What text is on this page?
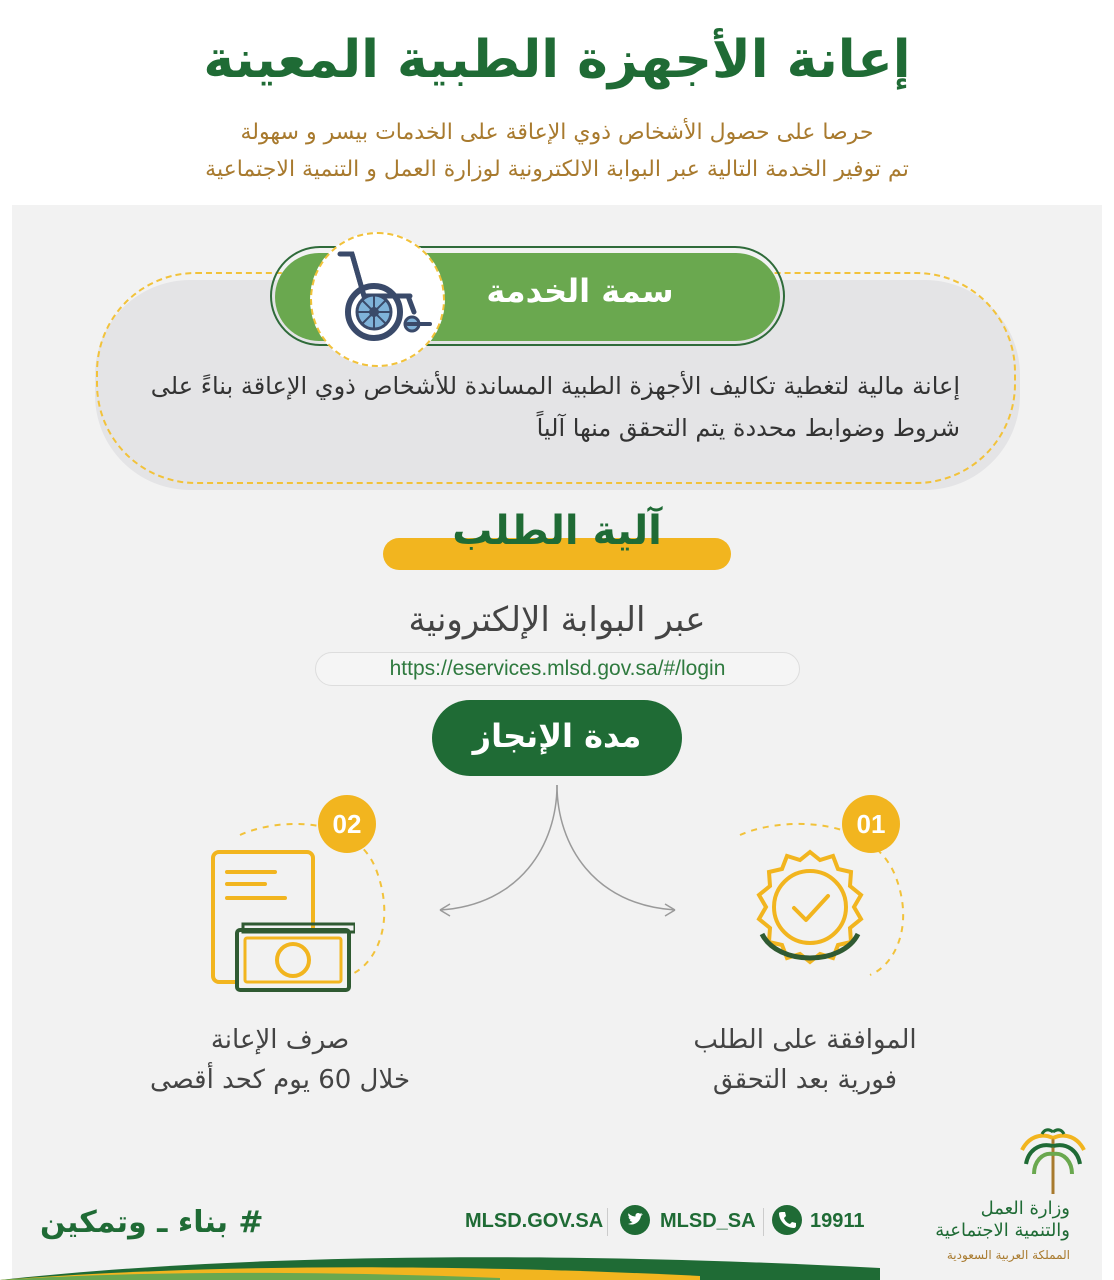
إعانة الأجهزة الطبية المعينة
حرصا على حصول الأشخاص ذوي الإعاقة على الخدمات بيسر و سهولة
تم توفير الخدمة التالية عبر البوابة الالكترونية لوزارة العمل و التنمية الاجتماعية
إعانة مالية لتغطية تكاليف الأجهزة الطبية المساندة للأشخاص ذوي الإعاقة بناءً على شروط وضوابط محددة يتم التحقق منها آلياً
سمة الخدمة
آلية الطلب
عبر البوابة الإلكترونية
https://eservices.mlsd.gov.sa/#/login
مدة الإنجاز
01
الموافقة على الطلب
فورية بعد التحقق
02
صرف الإعانة
خلال 60 يوم كحد أقصى
# بناء ـ وتمكين	MLSD.GOV.SA	MLSD_SA	19911
وزارة العمل
والتنمية الاجتماعية
المملكة العربية السعودية
